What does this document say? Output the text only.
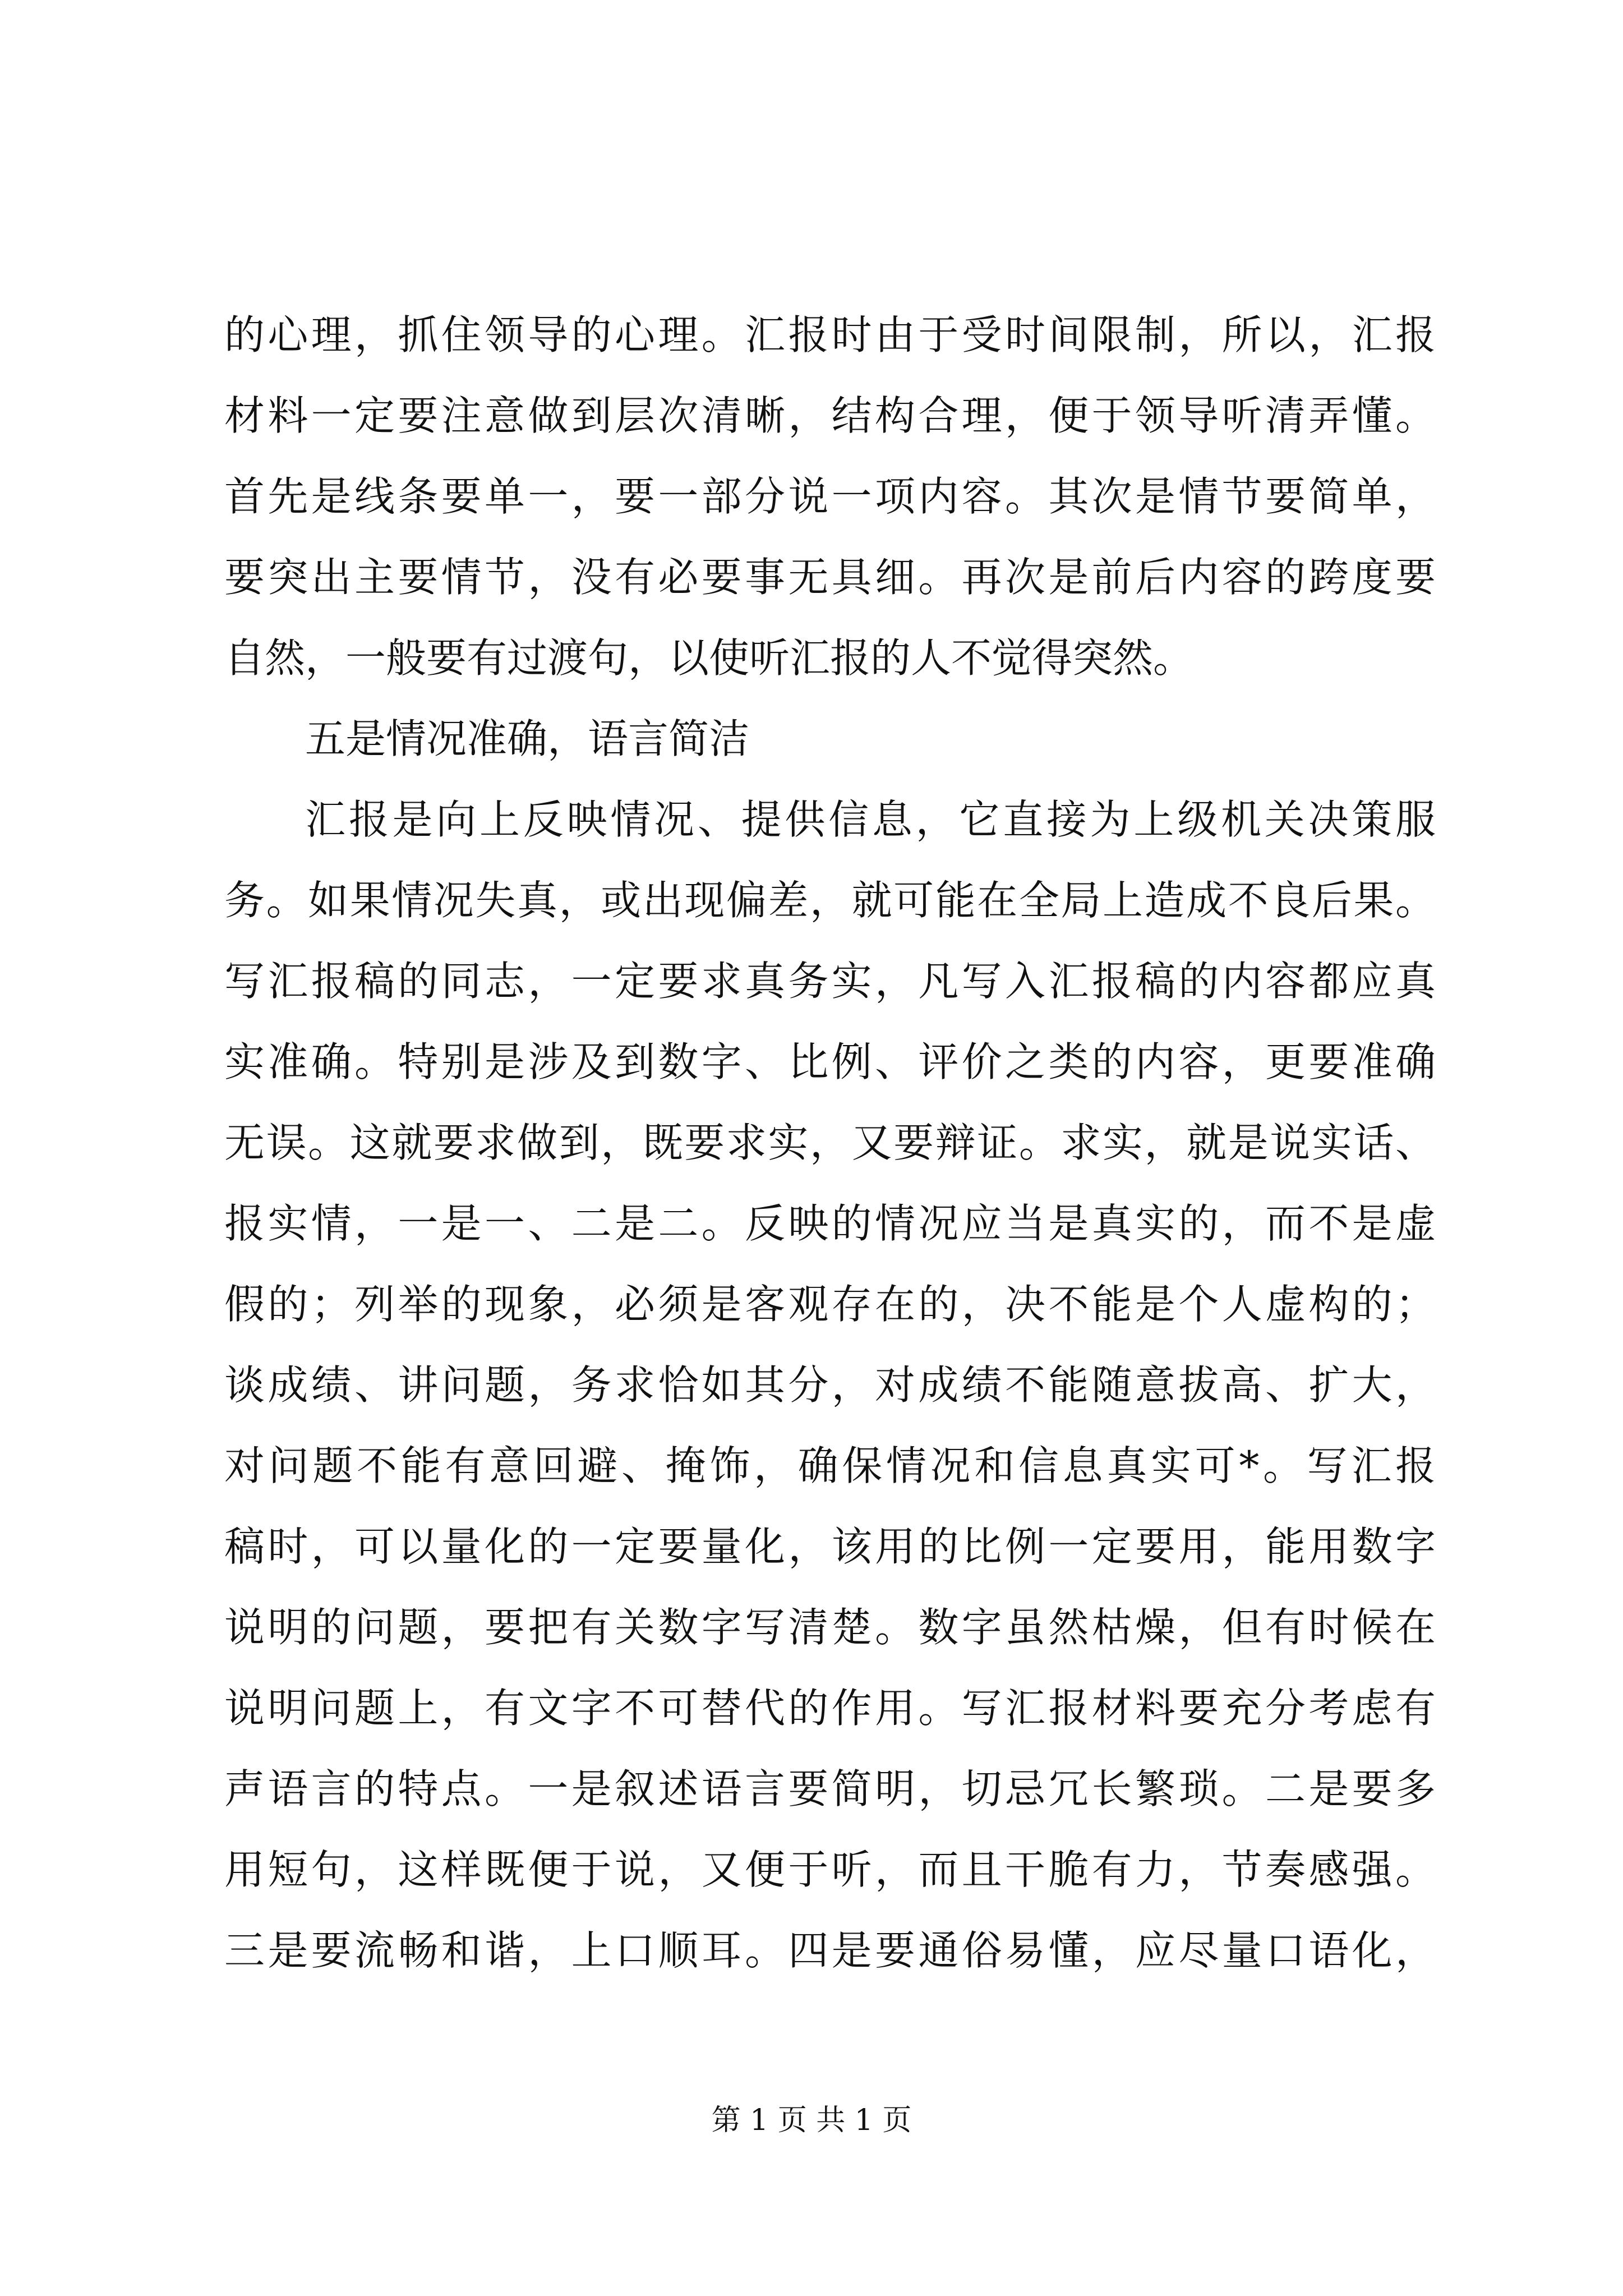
的心理，抓住领导的心理。汇报时由于受时间限制，所以，汇报
材料一定要注意做到层次清晰，结构合理，便于领导听清弄懂。
首先是线条要单一，要一部分说一项内容。其次是情节要简单，
要突出主要情节，没有必要事无具细。再次是前后内容的跨度要
自然，一般要有过渡句，以使听汇报的人不觉得突然。
五是情况准确，语言简洁
汇报是向上反映情况、提供信息，它直接为上级机关决策服
务。如果情况失真，或出现偏差，就可能在全局上造成不良后果。
写汇报稿的同志，一定要求真务实，凡写入汇报稿的内容都应真
实准确。特别是涉及到数字、比例、评价之类的内容，更要准确
无误。这就要求做到，既要求实，又要辩证。求实，就是说实话、
报实情，一是一、二是二。反映的情况应当是真实的，而不是虚
假的；列举的现象，必须是客观存在的，决不能是个人虚构的；
谈成绩、讲问题，务求恰如其分，对成绩不能随意拔高、扩大，
对问题不能有意回避、掩饰，确保情况和信息真实可*。写汇报
稿时，可以量化的一定要量化，该用的比例一定要用，能用数字
说明的问题，要把有关数字写清楚。数字虽然枯燥，但有时候在
说明问题上，有文字不可替代的作用。写汇报材料要充分考虑有
声语言的特点。一是叙述语言要简明，切忌冗长繁琐。二是要多
用短句，这样既便于说，又便于听，而且干脆有力，节奏感强。
三是要流畅和谐，上口顺耳。四是要通俗易懂，应尽量口语化，
第 1 页 共 1 页
